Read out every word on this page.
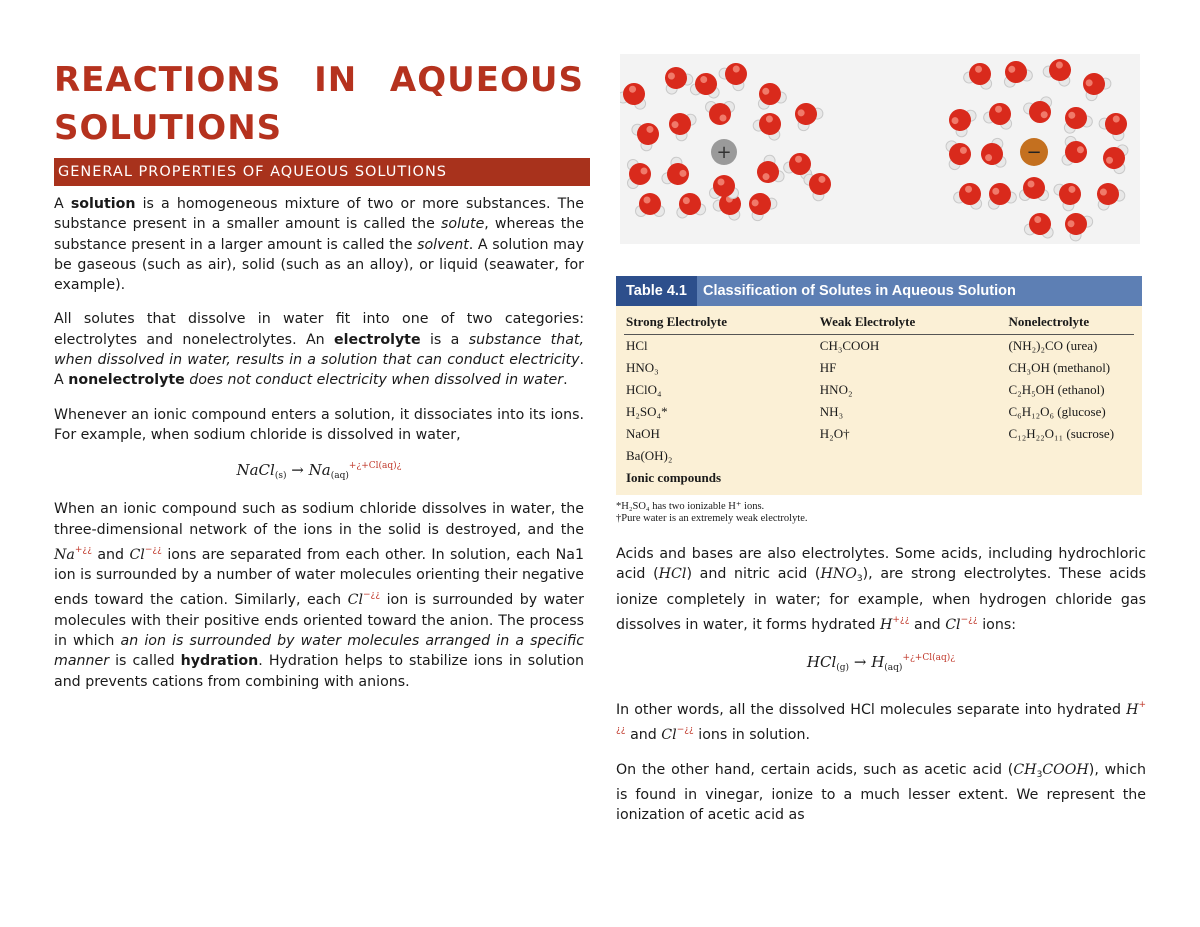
REACTIONS IN AQUEOUS SOLUTIONS
GENERAL PROPERTIES OF AQUEOUS SOLUTIONS

A solution is a homogeneous mixture of two or more substances. The substance present in a smaller amount is called the solute, whereas the substance present in a larger amount is called the solvent. A solution may be gaseous (such as air), solid (such as an alloy), or liquid (seawater, for example).

All solutes that dissolve in water fit into one of two categories: electrolytes and nonelectrolytes. An electrolyte is a substance that, when dissolved in water, results in a solution that can conduct electricity. A nonelectrolyte does not conduct electricity when dissolved in water.

Whenever an ionic compound enters a solution, it dissociates into its ions. For example, when sodium chloride is dissolved in water,

NaCl$_{(s)}$ → $Na_{(aq)}^{+¿+Cl(aq)¿}$

When an ionic compound such as sodium chloride dissolves in water, the three-dimensional network of the ions in the solid is destroyed, and the Na+¿¿ and Cl−¿¿ ions are separated from each other. In solution, each Na1 ion is surrounded by a number of water molecules orienting their negative ends toward the cation. Similarly, each Cl−¿¿ ion is surrounded by water molecules with their positive ends oriented toward the anion. The process in which an ion is surrounded by water molecules arranged in a specific manner is called hydration. Hydration helps to stabilize ions in solution and prevents cations from combining with anions.

+	−
Table 4.1	Classification of Solutes in Aqueous Solution
Strong Electrolyte	Weak Electrolyte	Nonelectrolyte
HCl	CH₃COOH	(NH₂)₂CO (urea)
HNO₃	HF	CH₃OH (methanol)
HClO₄	HNO₂	C₂H₅OH (ethanol)
H₂SO₄*	NH₃	C₆H₁₂O₆ (glucose)
NaOH	H₂O†	C₁₂H₂₂O₁₁ (sucrose)
Ba(OH)₂		
Ionic compounds		
*H₂SO₄ has two ionizable H⁺ ions.
†Pure water is an extremely weak electrolyte.

Acids and bases are also electrolytes. Some acids, including hydrochloric acid (HCl) and nitric acid $(HNO_3)$, are strong electrolytes. These acids ionize completely in water; for example, when hydrogen chloride gas dissolves in water, it forms hydrated H+¿¿ and Cl−¿¿ ions:

$HCl_{(g)} \to H_{(aq)}^{+¿+Cl(aq)¿}$

In other words, all the dissolved HCl molecules separate into hydrated H+¿¿ and Cl−¿¿ ions in solution.

On the other hand, certain acids, such as acetic acid $(CH_3COOH)$, which is found in vinegar, ionize to a much lesser extent. We represent the ionization of acetic acid as
